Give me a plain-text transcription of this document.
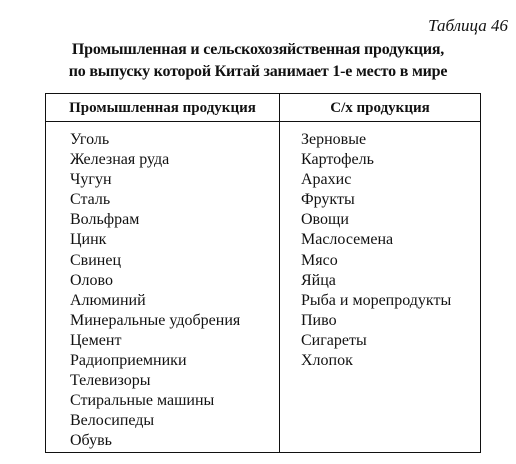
Таблица 46
Промышленная и сельскохозяйственная продукция,
по выпуску которой Китай занимает 1-е место в мире
Промышленная продукция	С/х продукция
Уголь
Железная руда
Чугун
Сталь
Вольфрам
Цинк
Свинец
Олово
Алюминий
Минеральные удобрения
Цемент
Радиоприемники
Телевизоры
Стиральные машины
Велосипеды
Обувь
Зерновые
Картофель
Арахис
Фрукты
Овощи
Маслосемена
Мясо
Яйца
Рыба и морепродукты
Пиво
Сигареты
Хлопок
